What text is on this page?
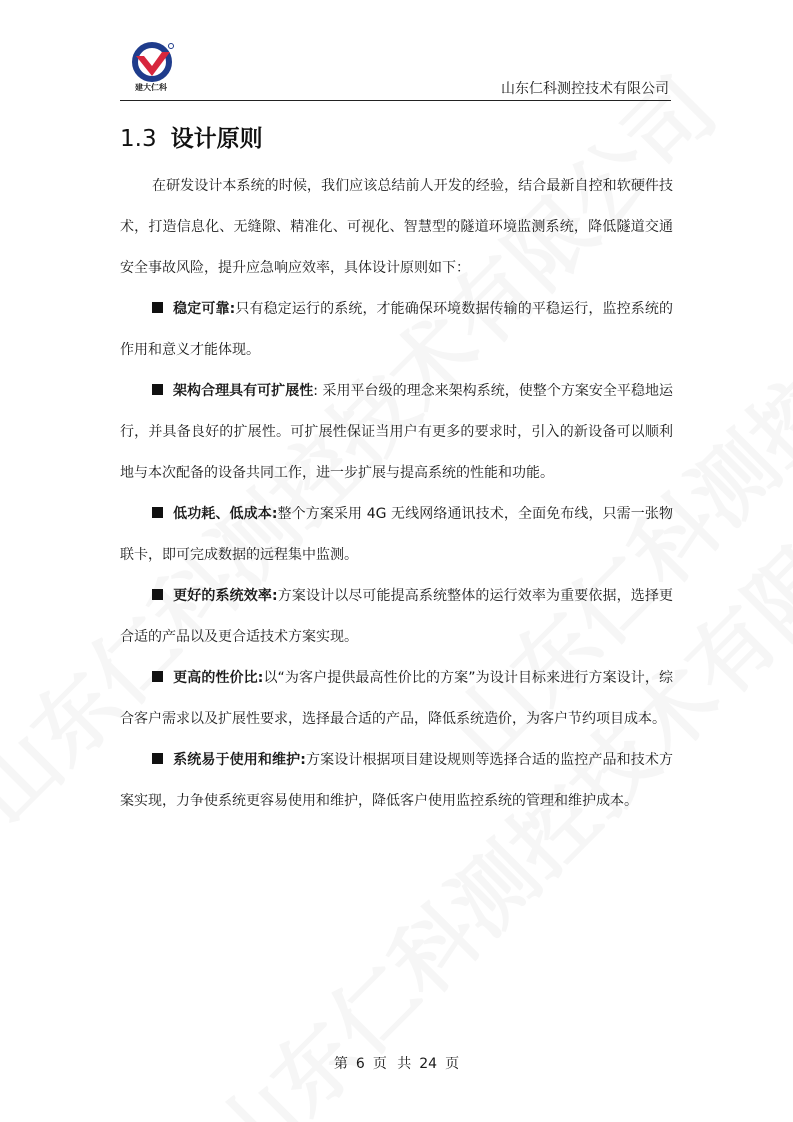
建大仁科	山东仁科测控技术有限公司
1.3 设计原则

在研发设计本系统的时候，我们应该总结前人开发的经验，结合最新自控和软硬件技术，打造信息化、无缝隙、精准化、可视化、智慧型的隧道环境监测系统，降低隧道交通安全事故风险，提升应急响应效率，具体设计原则如下：

稳定可靠:只有稳定运行的系统，才能确保环境数据传输的平稳运行，监控系统的作用和意义才能体现。

架构合理具有可扩展性: 采用平台级的理念来架构系统，使整个方案安全平稳地运行，并具备良好的扩展性。可扩展性保证当用户有更多的要求时，引入的新设备可以顺利地与本次配备的设备共同工作，进一步扩展与提高系统的性能和功能。

低功耗、低成本:整个方案采用 4G 无线网络通讯技术，全面免布线，只需一张物联卡，即可完成数据的远程集中监测。

更好的系统效率:方案设计以尽可能提高系统整体的运行效率为重要依据，选择更合适的产品以及更合适技术方案实现。

更高的性价比:以“为客户提供最高性价比的方案”为设计目标来进行方案设计，综合客户需求以及扩展性要求，选择最合适的产品，降低系统造价，为客户节约项目成本。

系统易于使用和维护:方案设计根据项目建设规则等选择合适的监控产品和技术方案实现，力争使系统更容易使用和维护，降低客户使用监控系统的管理和维护成本。

第 6 页 共 24 页
